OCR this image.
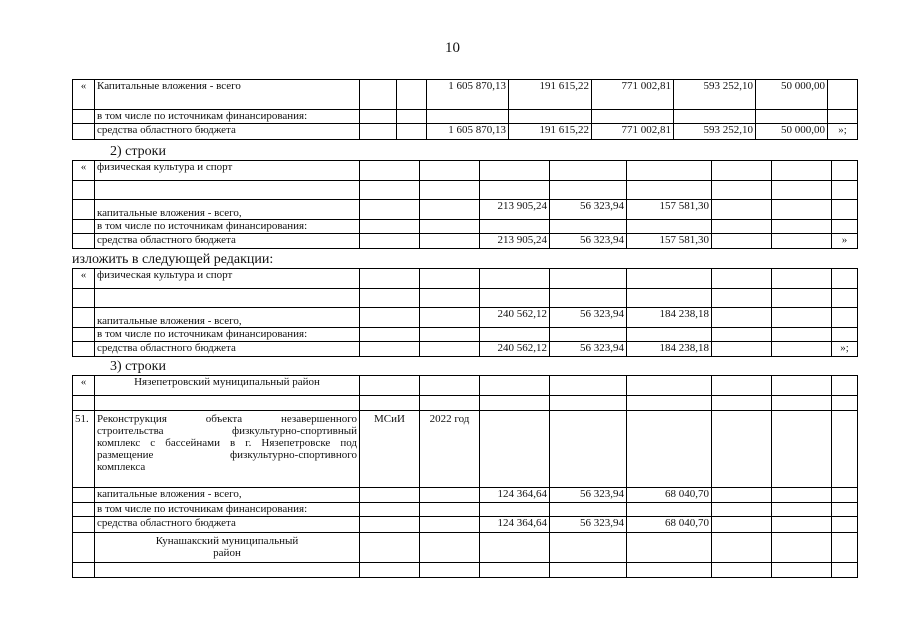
10
«	Капитальные вложения - всего			1 605 870,13	191 615,22	771 002,81	593 252,10	50 000,00	
	в том числе по источникам финансирования:								
	средства областного бюджета			1 605 870,13	191 615,22	771 002,81	593 252,10	50 000,00	»;
2) строки
«	физическая культура и спорт								

	капитальные вложения - всего,			213 905,24	56 323,94	157 581,30			
	в том числе по источникам финансирования:								
	средства областного бюджета			213 905,24	56 323,94	157 581,30			»
изложить в следующей редакции:
«	физическая культура и спорт								

	капитальные вложения - всего,			240 562,12	56 323,94	184 238,18			
	в том числе по источникам финансирования:								
	средства областного бюджета			240 562,12	56 323,94	184 238,18			»;
3) строки
«	Нязепетровский муниципальный район								

51.	Реконструкция объекта незавершенного
строительства физкультурно-спортивный
комплекс с бассейнами в г. Нязепетровске под
размещение физкультурно-спортивного
комплекса	МСиИ	2022 год						
	капитальные вложения - всего,			124 364,64	56 323,94	68 040,70			
	в том числе по источникам финансирования:								
	средства областного бюджета			124 364,64	56 323,94	68 040,70			

	Кунашакский муниципальный
район								
